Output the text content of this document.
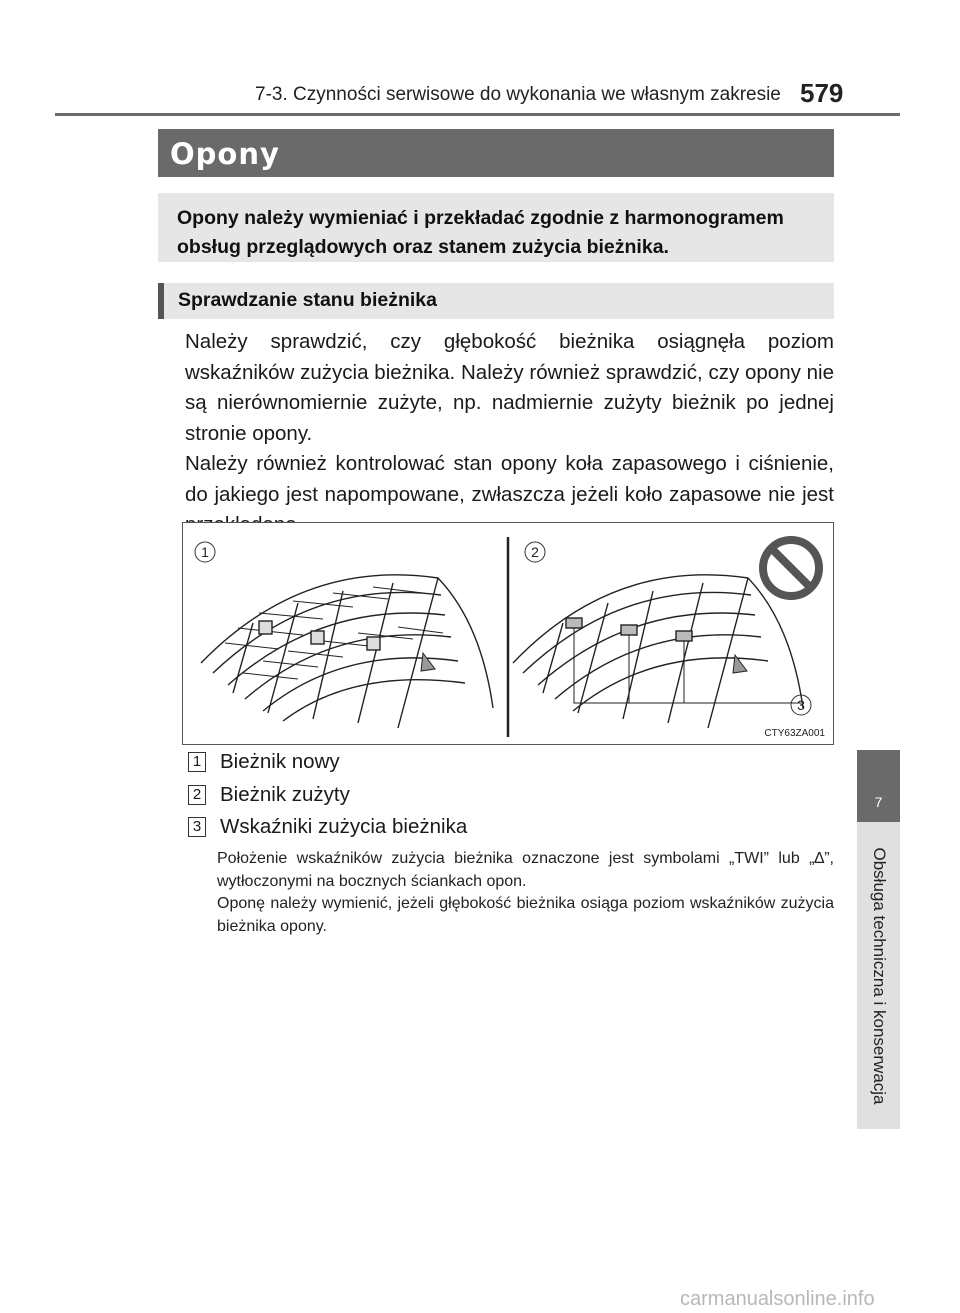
7-3. Czynności serwisowe do wykonania we własnym zakresie 579
Opony
Opony należy wymieniać i przekładać zgodnie z harmonogramem obsług przeglądowych oraz stanem zużycia bieżnika.
Sprawdzanie stanu bieżnika

Należy sprawdzić, czy głębokość bieżnika osiągnęła poziom wskaźników zużycia bieżnika. Należy również sprawdzić, czy opony nie są nierównomiernie zużyte, np. nadmiernie zużyty bieżnik po jednej stronie opony.

Należy również kontrolować stan opony koła zapasowego i ciśnienie, do jakiego jest napompowane, zwłaszcza jeżeli koło zapasowe nie jest

1	2
3
CTY63ZA001
1 Bieżnik nowy
2 Bieżnik zużyty
3 Wskaźniki zużycia bieżnika

Położenie wskaźników zużycia bieżnika oznaczone jest symbolami „TWI” lub „∆”, wytłoczonymi na bocznych ściankach opon.

Oponę należy wymienić, jeżeli głębokość bieżnika osiąga poziom wskaźników zużycia bieżnika opony.

7
Obsługa techniczna i konserwacja
carmanualsonline.info
